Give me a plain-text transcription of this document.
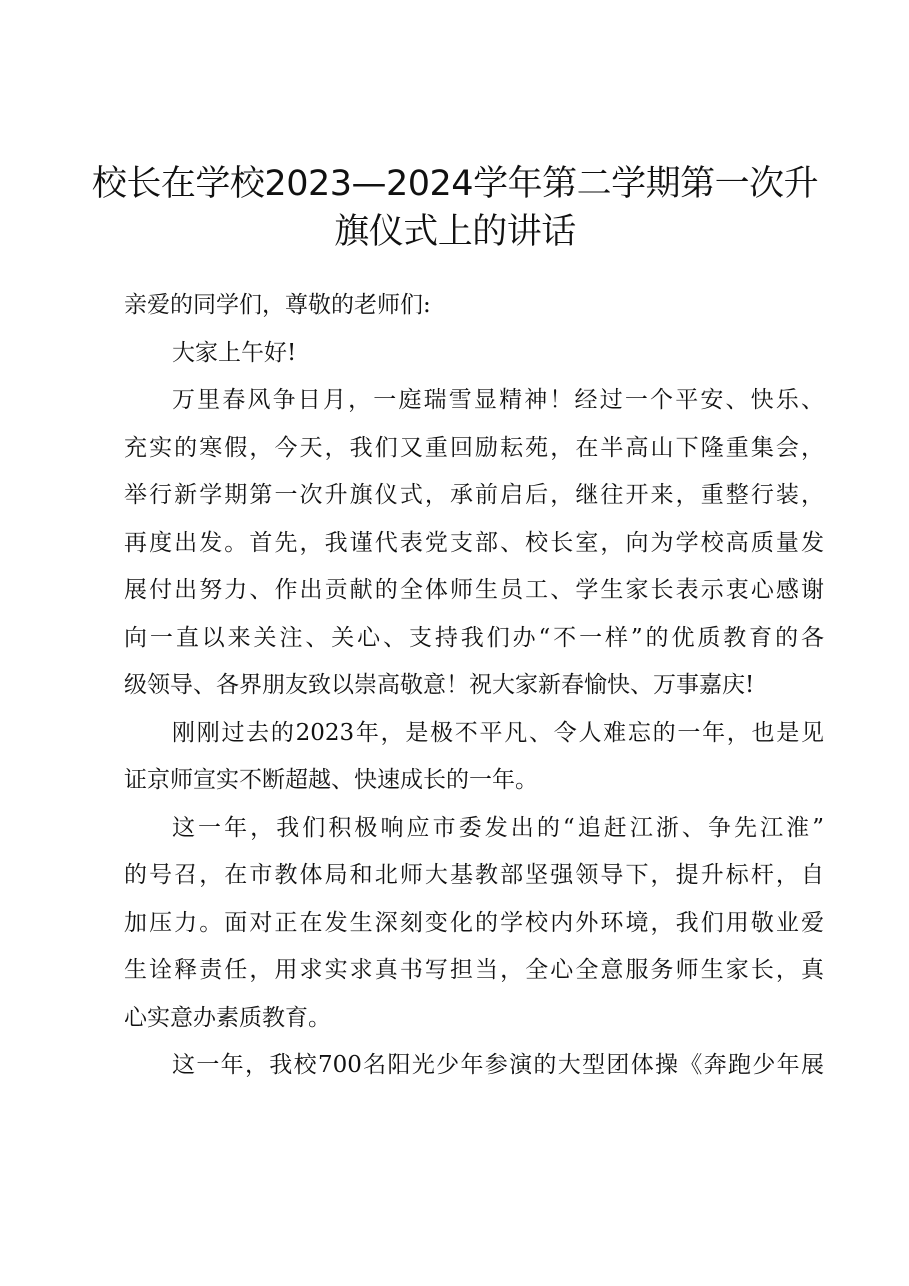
校长在学校2023—2024学年第二学期第一次升
旗仪式上的讲话
亲爱的同学们，尊敬的老师们:
大家上午好!
万里春风争日月，一庭瑞雪显精神！经过一个平安、快乐、
充实的寒假，今天，我们又重回励耘苑，在半高山下隆重集会，
举行新学期第一次升旗仪式，承前启后，继往开来，重整行装，
再度出发。首先，我谨代表党支部、校长室，向为学校高质量发
展付出努力、作出贡献的全体师生员工、学生家长表示衷心感谢
向一直以来关注、关心、支持我们办“不一样”的优质教育的各
级领导、各界朋友致以崇高敬意！祝大家新春愉快、万事嘉庆!
刚刚过去的2023年，是极不平凡、令人难忘的一年，也是见
证京师宣实不断超越、快速成长的一年。
这一年，我们积极响应市委发出的“追赶江浙、争先江淮”
的号召，在市教体局和北师大基教部坚强领导下，提升标杆，自
加压力。面对正在发生深刻变化的学校内外环境，我们用敬业爱
生诠释责任，用求实求真书写担当，全心全意服务师生家长，真
心实意办素质教育。
这一年，我校700名阳光少年参演的大型团体操《奔跑少年展
